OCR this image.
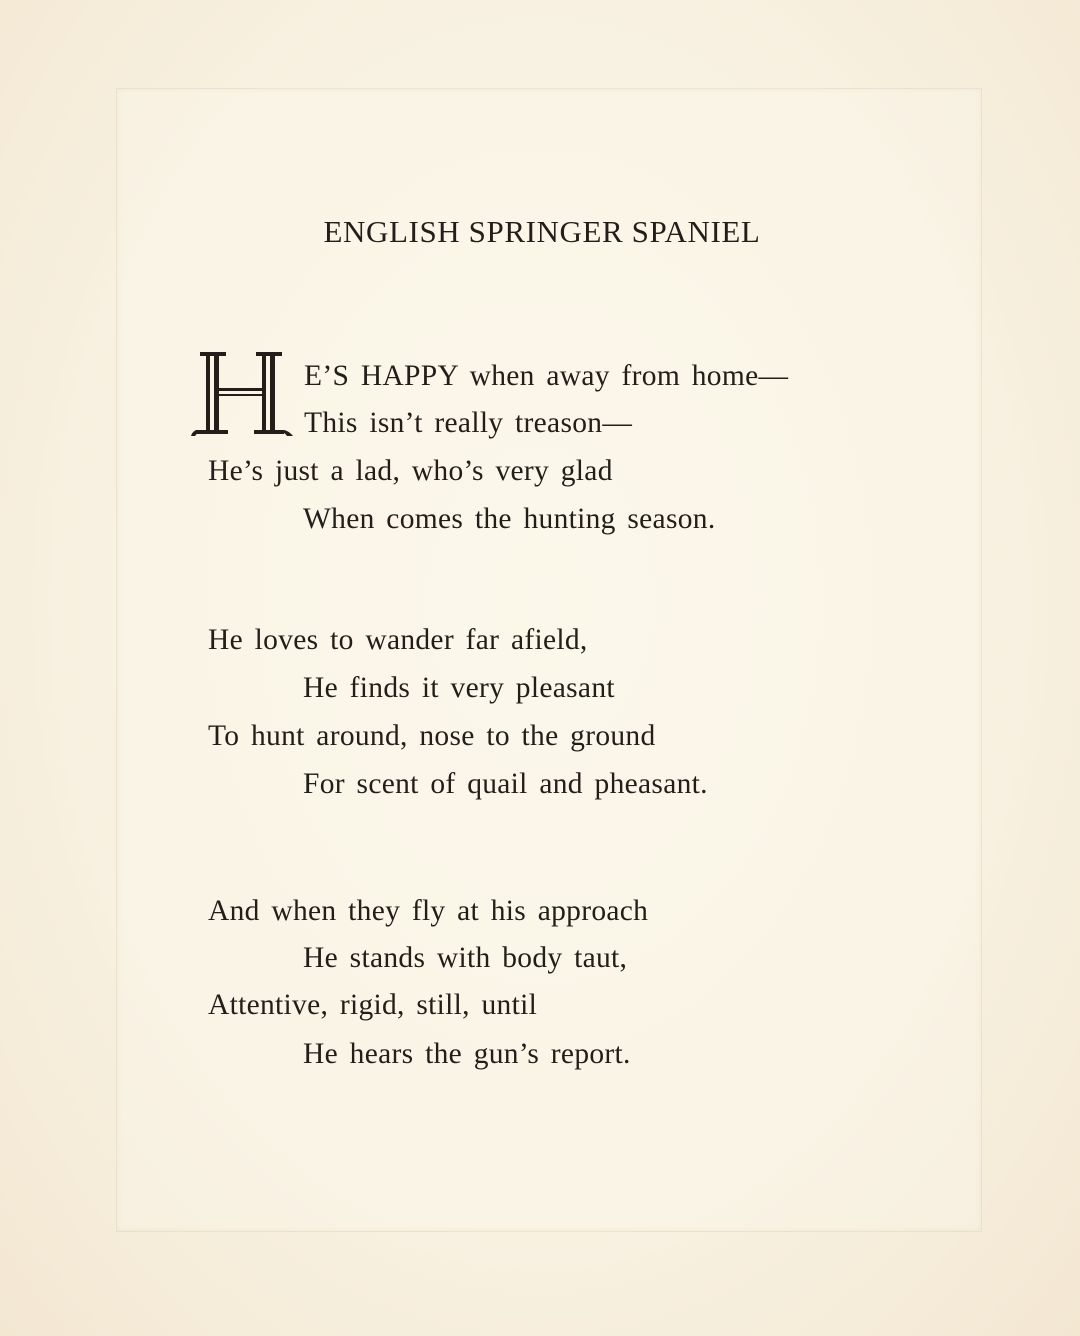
ENGLISH SPRINGER SPANIEL
E’S HAPPY when away from home—
This isn’t really treason—
He’s just a lad, who’s very glad
When comes the hunting season.
He loves to wander far afield,
He finds it very pleasant
To hunt around, nose to the ground
For scent of quail and pheasant.
And when they fly at his approach
He stands with body taut,
Attentive, rigid, still, until
He hears the gun’s report.
